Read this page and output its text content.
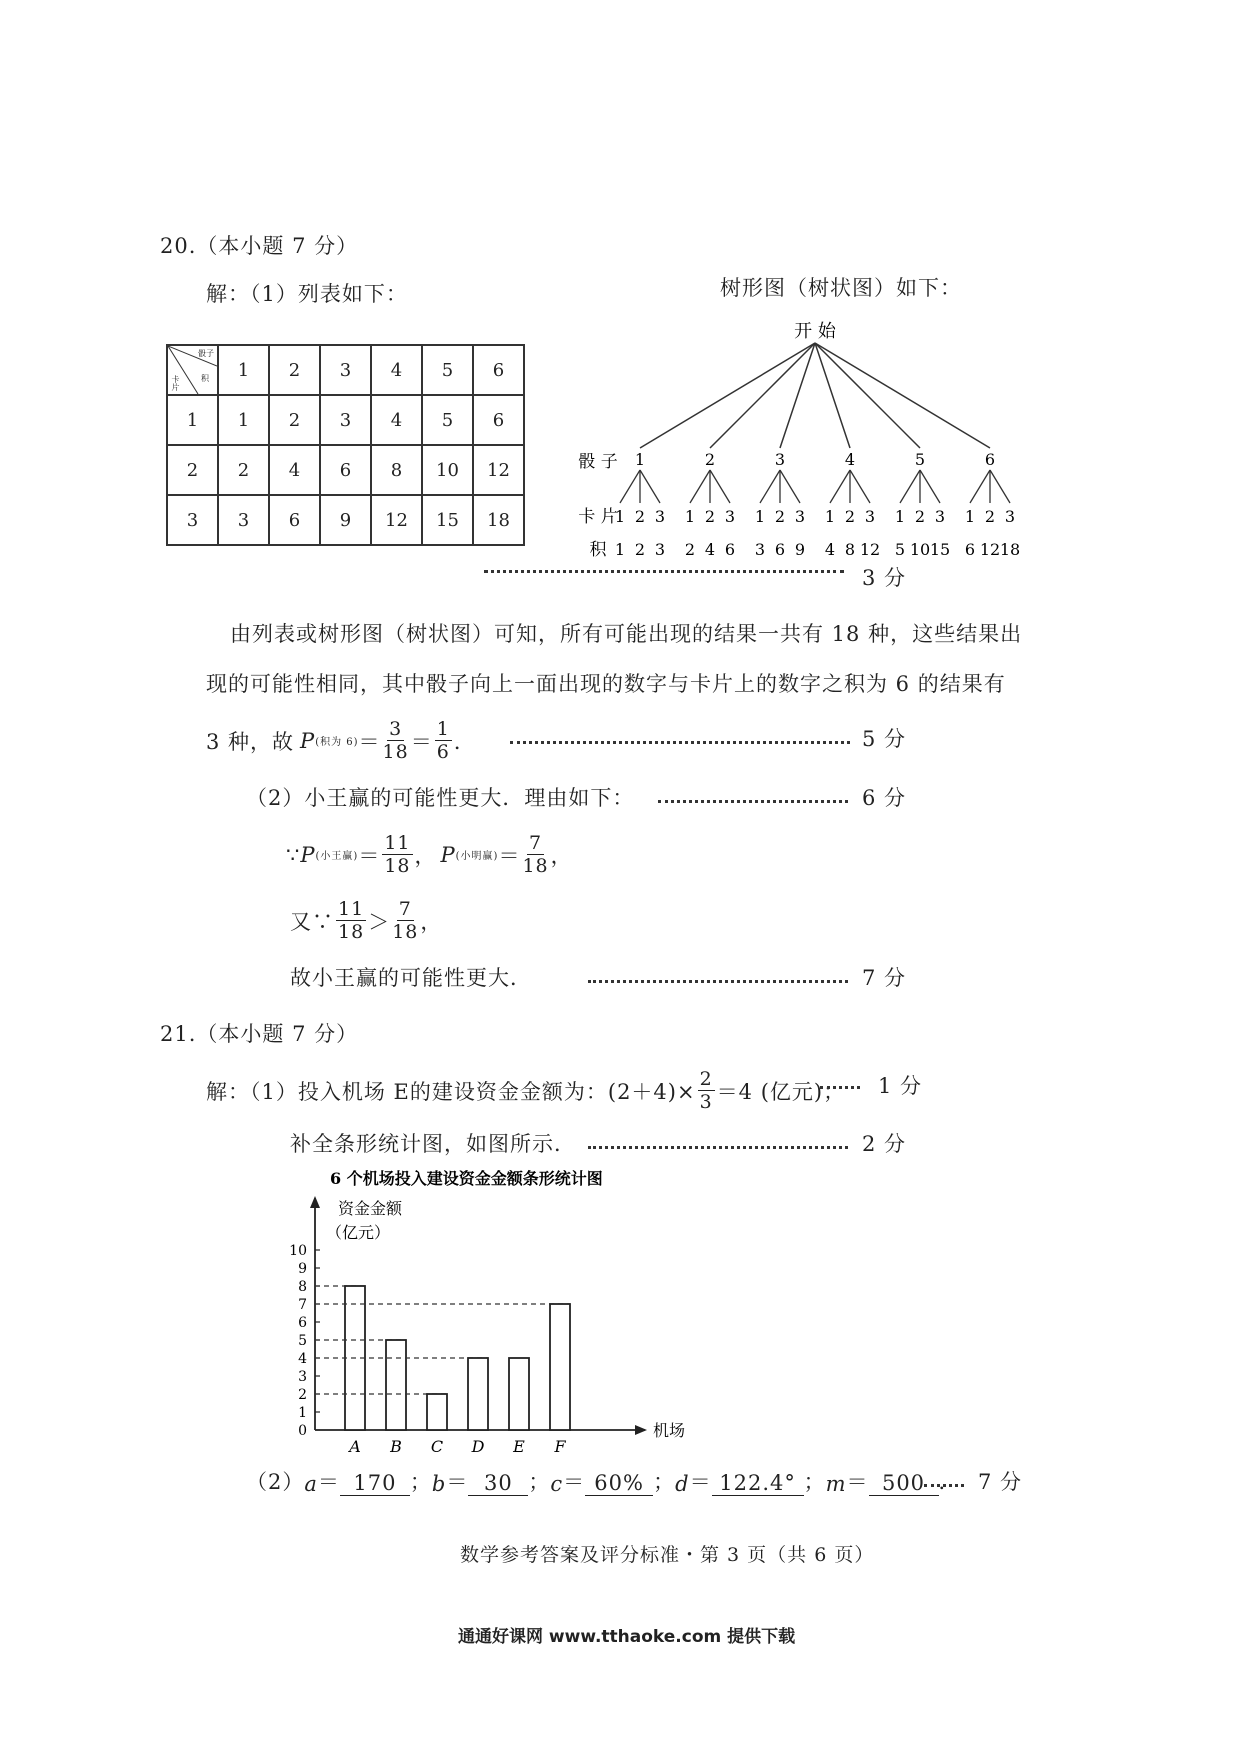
20.（本小题 7 分）
解：（1）列表如下：	树形图（树状图）如下：
骰子
卡片 积	1	2	3	4	5	6
1	1	2	3	4	5	6
2	2	4	6	8	10	12
3	3	6	9	12	15	18
开 始
骰 子
卡 片
积
1
1
1
2
2
3
3
2
1
2
2
4
3
6
3
1
3
2
6
3
9
4
1
4
2
8
3
12
5
1
5
2
10
3
15
6
1
6
2
12
3
18
3 分
由列表或树形图（树状图）可知，所有可能出现的结果一共有 18 种，这些结果出
现的可能性相同，其中骰子向上一面出现的数字与卡片上的数字之积为 6 的结果有
3 种，故 P (积为 $6) = \frac{3}{18} = \frac{1}{6}$ ．	5 分
（2）小王赢的可能性更大．理由如下：	6 分
∵ P (小王赢) ＝ $\frac{11}{18}$ ， P (小明赢) ＝ $\frac{7}{18}$ ，
又∵ $\frac{11}{18} > \frac{7}{18}$ ，
故小王赢的可能性更大．	7 分
21.（本小题 7 分）
解：（1）投入机场 E的建设资金金额为： $(2+4)\times \frac{2}{3} =4$ (亿元)； 1 分
补全条形统计图，如图所示．	2 分
6 个机场投入建设资金金额条形统计图
资金金额
（亿元）
机场
0
1
2
3
4
5
6
7
8
9
10
A B C D E F
（2） a ＝ 170 ； b ＝ 30 ； c ＝ 60% ； d ＝ 122.4° ； m ＝ 500 ． 7 分
数学参考答案及评分标准・第 3 页（共 6 页）
通通好课网 www.tthaoke.com 提供下载
